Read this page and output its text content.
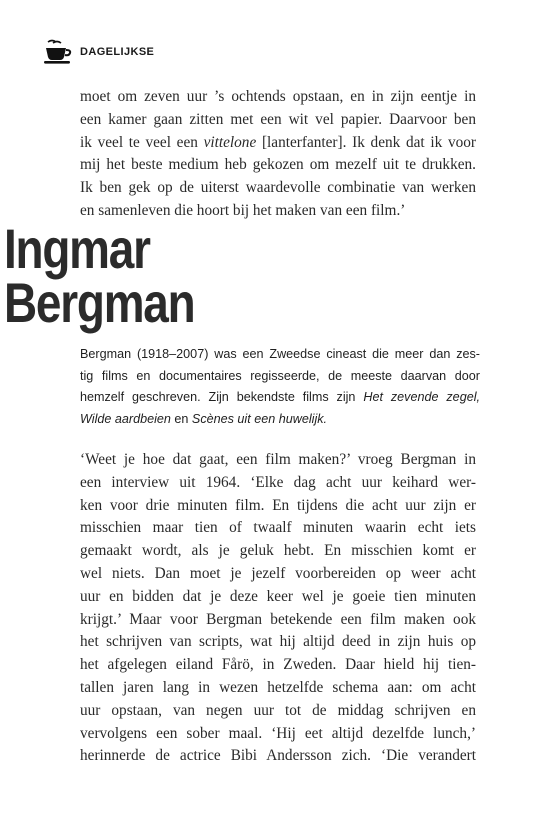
DAGELIJKSE
moet om zeven uur ’s ochtends opstaan, en in zijn eentje in
een kamer gaan zitten met een wit vel papier. Daarvoor ben
ik veel te veel een vittelone [lanterfanter]. Ik denk dat ik voor
mij het beste medium heb gekozen om mezelf uit te drukken.
Ik ben gek op de uiterst waardevolle combinatie van werken
en samenleven die hoort bij het maken van een film.’
Ingmar
Bergman
Bergman (1918–2007) was een Zweedse cineast die meer dan zes-
tig films en documentaires regisseerde, de meeste daarvan door
hemzelf geschreven. Zijn bekendste films zijn Het zevende zegel,
Wilde aardbeien en Scènes uit een huwelijk.
‘Weet je hoe dat gaat, een film maken?’ vroeg Bergman in
een interview uit 1964. ‘Elke dag acht uur keihard wer-
ken voor drie minuten film. En tijdens die acht uur zijn er
misschien maar tien of twaalf minuten waarin echt iets
gemaakt wordt, als je geluk hebt. En misschien komt er
wel niets. Dan moet je jezelf voorbereiden op weer acht
uur en bidden dat je deze keer wel je goeie tien minuten
krijgt.’ Maar voor Bergman betekende een film maken ook
het schrijven van scripts, wat hij altijd deed in zijn huis op
het afgelegen eiland Fårö, in Zweden. Daar hield hij tien-
tallen jaren lang in wezen hetzelfde schema aan: om acht
uur opstaan, van negen uur tot de middag schrijven en
vervolgens een sober maal. ‘Hij eet altijd dezelfde lunch,’
herinnerde de actrice Bibi Andersson zich. ‘Die verandert
